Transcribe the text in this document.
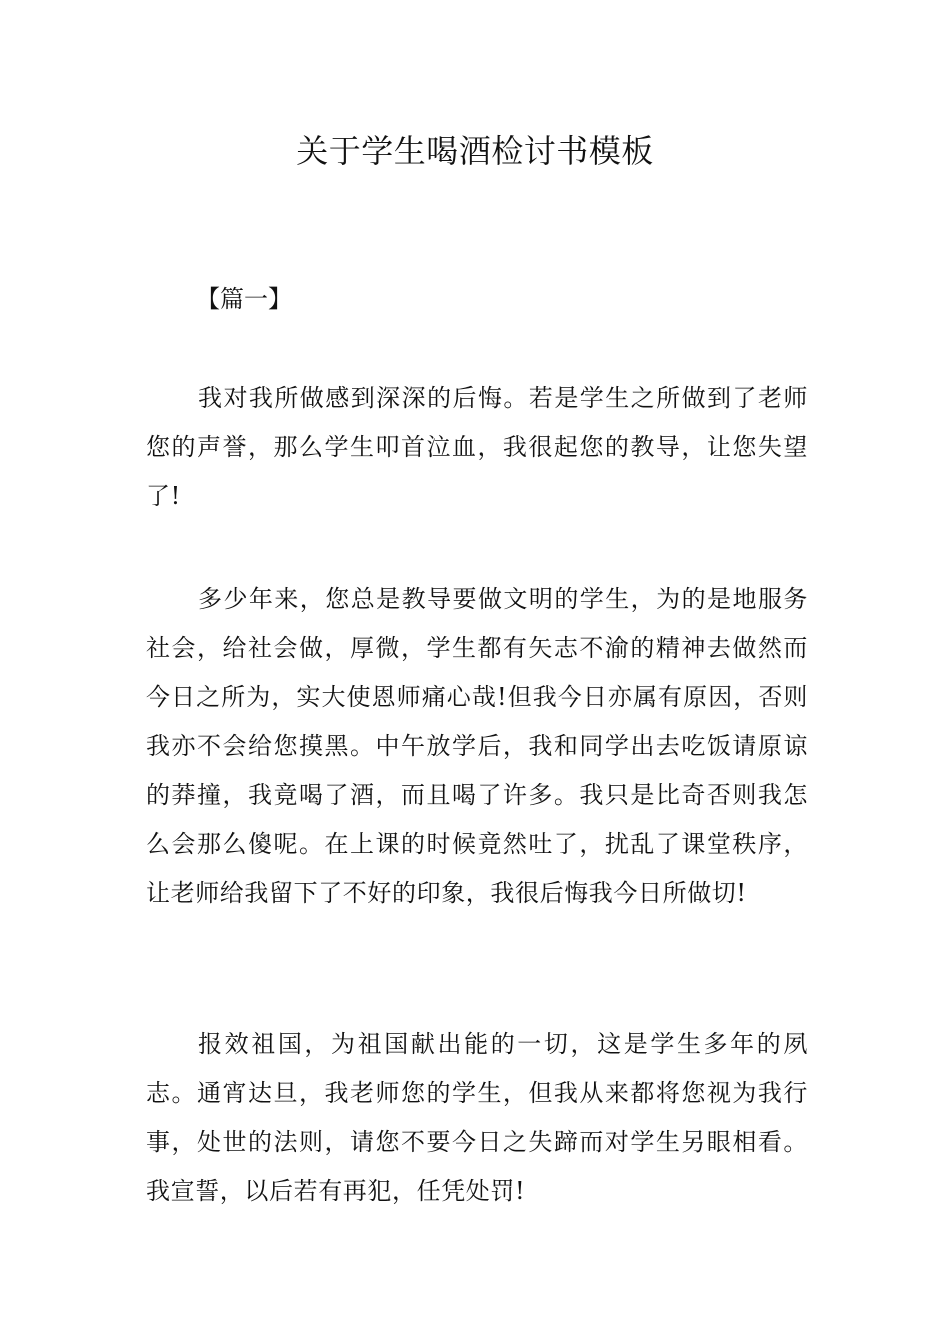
关于学生喝酒检讨书模板

【篇一】

我对我所做感到深深的后悔。若是学生之所做到了老师您的声誉，那么学生叩首泣血，我很起您的教导，让您失望了!

多少年来，您总是教导要做文明的学生，为的是地服务社会，给社会做，厚微，学生都有矢志不渝的精神去做然而今日之所为，实大使恩师痛心哉!但我今日亦属有原因，否则我亦不会给您摸黑。中午放学后，我和同学出去吃饭请原谅的莽撞，我竟喝了酒，而且喝了许多。我只是比奇否则我怎么会那么傻呢。在上课的时候竟然吐了，扰乱了课堂秩序，让老师给我留下了不好的印象，我很后悔我今日所做切!

报效祖国，为祖国献出能的一切，这是学生多年的夙志。通宵达旦，我老师您的学生，但我从来都将您视为我行事，处世的法则，请您不要今日之失蹄而对学生另眼相看。我宣誓，以后若有再犯，任凭处罚!
